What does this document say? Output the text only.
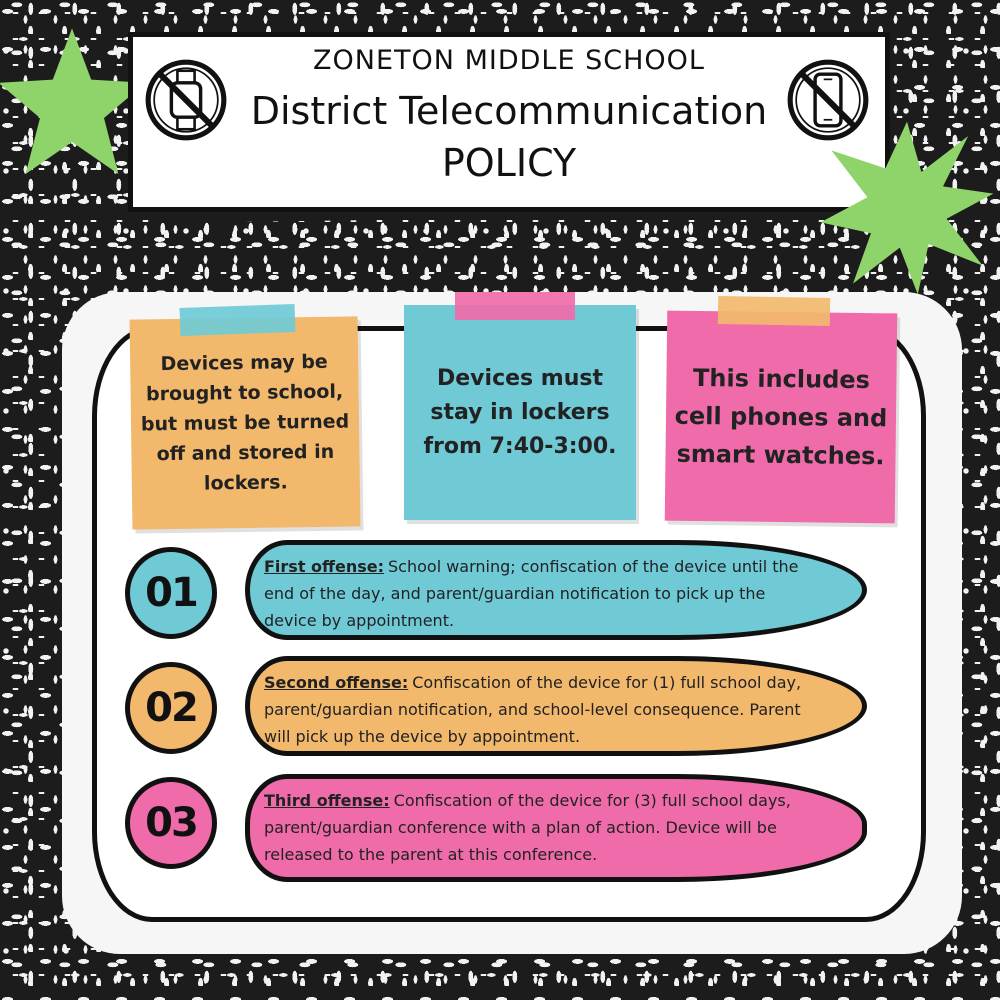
ZONETON MIDDLE SCHOOL
District Telecommunication
POLICY
Devices may be brought to school, but must be turned off and stored in lockers.
Devices must stay in lockers from 7:40-3:00.
This includes cell phones and smart watches.
First offense: School warning; confiscation of the device until the end of the day, and parent/guardian notification to pick up the device by appointment.
01
Second offense: Confiscation of the device for (1) full school day, parent/guardian notification, and school-level consequence. Parent will pick up the device by appointment.
02
Third offense: Confiscation of the device for (3) full school days, parent/guardian conference with a plan of action. Device will be released to the parent at this conference.
03
